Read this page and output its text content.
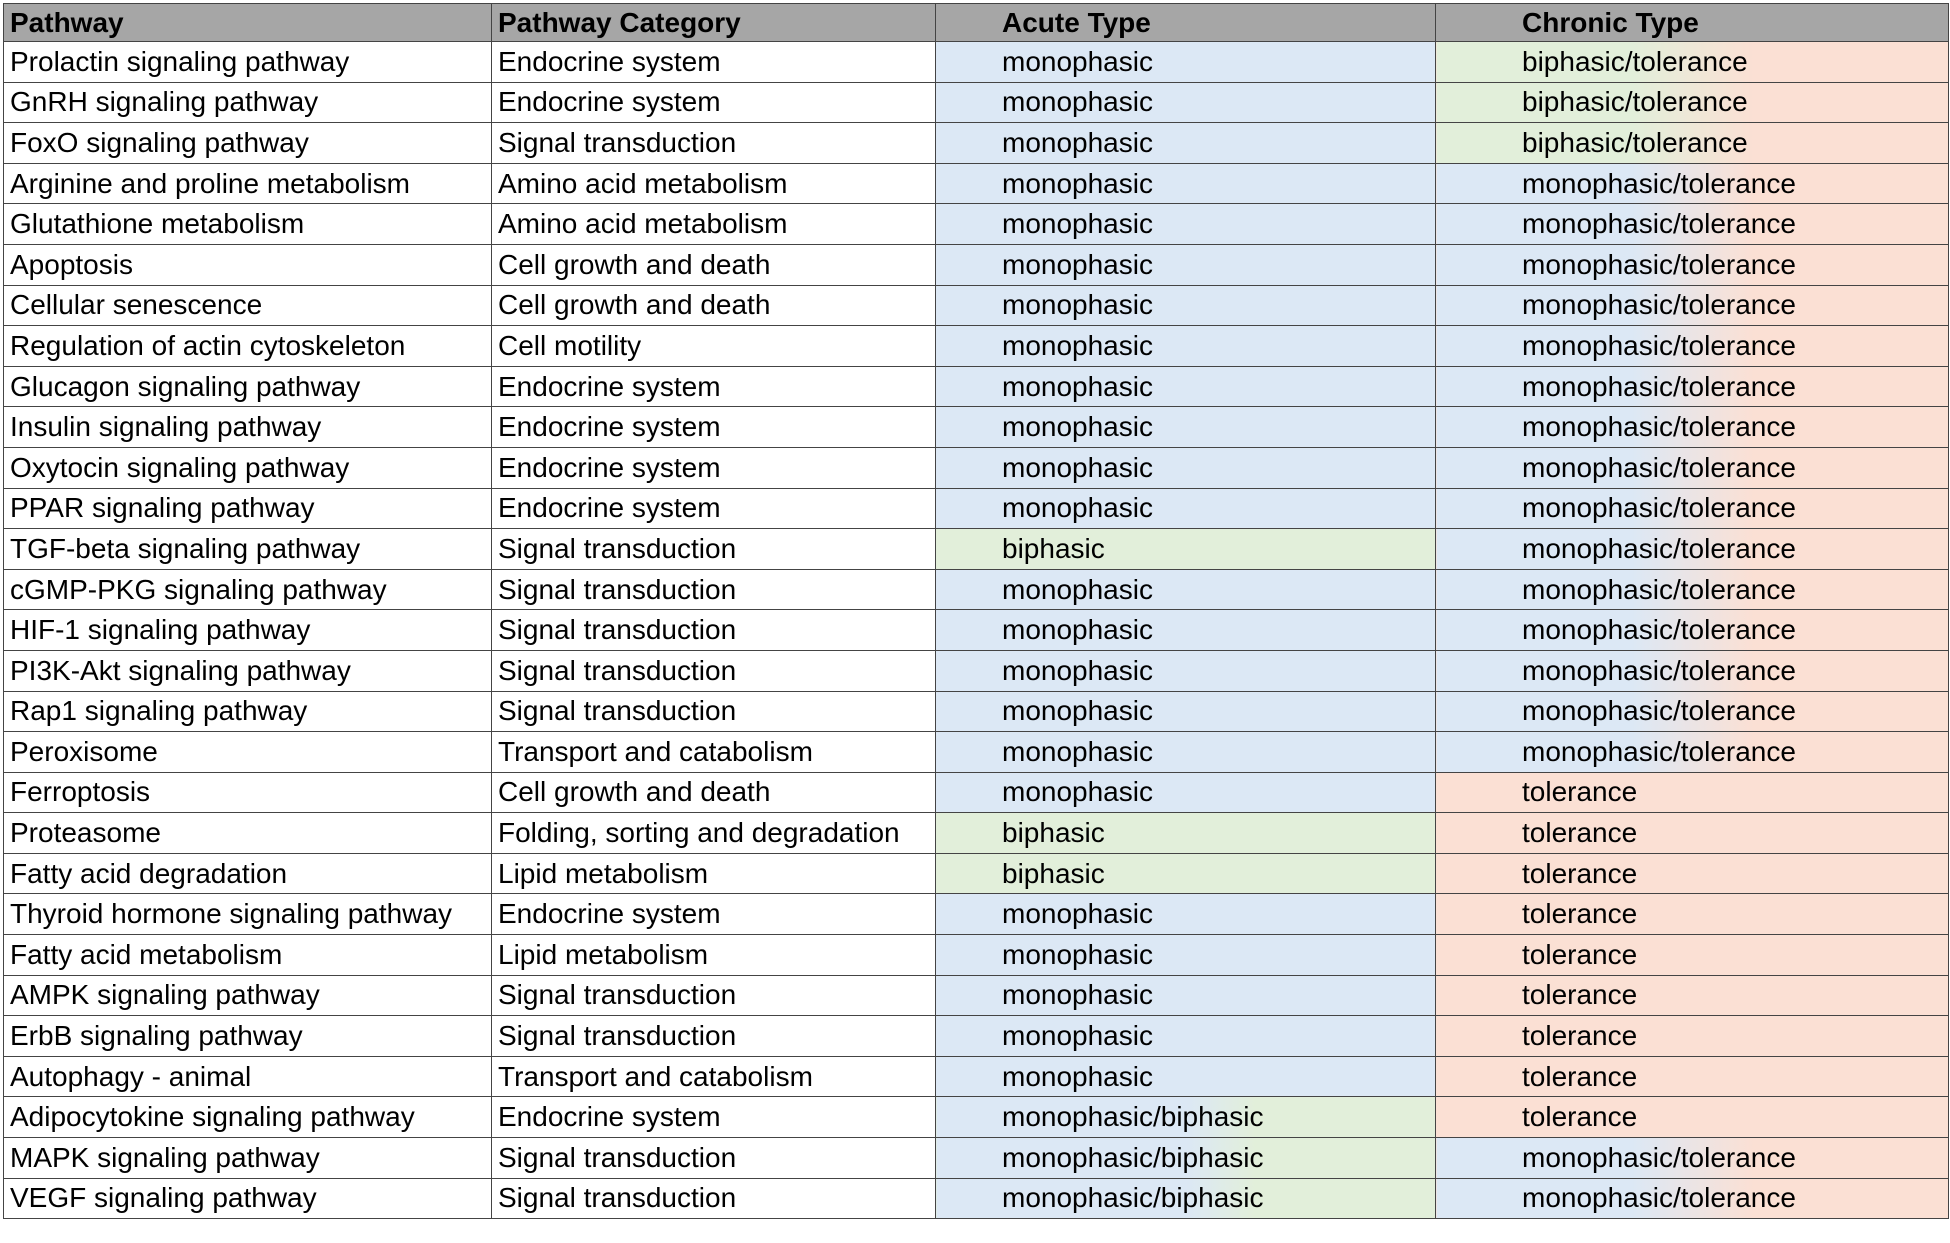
Pathway	Pathway Category	Acute Type	Chronic Type
Prolactin signaling pathway	Endocrine system	monophasic	biphasic/tolerance
GnRH signaling pathway	Endocrine system	monophasic	biphasic/tolerance
FoxO signaling pathway	Signal transduction	monophasic	biphasic/tolerance
Arginine and proline metabolism	Amino acid metabolism	monophasic	monophasic/tolerance
Glutathione metabolism	Amino acid metabolism	monophasic	monophasic/tolerance
Apoptosis	Cell growth and death	monophasic	monophasic/tolerance
Cellular senescence	Cell growth and death	monophasic	monophasic/tolerance
Regulation of actin cytoskeleton	Cell motility	monophasic	monophasic/tolerance
Glucagon signaling pathway	Endocrine system	monophasic	monophasic/tolerance
Insulin signaling pathway	Endocrine system	monophasic	monophasic/tolerance
Oxytocin signaling pathway	Endocrine system	monophasic	monophasic/tolerance
PPAR signaling pathway	Endocrine system	monophasic	monophasic/tolerance
TGF-beta signaling pathway	Signal transduction	biphasic	monophasic/tolerance
cGMP-PKG signaling pathway	Signal transduction	monophasic	monophasic/tolerance
HIF-1 signaling pathway	Signal transduction	monophasic	monophasic/tolerance
PI3K-Akt signaling pathway	Signal transduction	monophasic	monophasic/tolerance
Rap1 signaling pathway	Signal transduction	monophasic	monophasic/tolerance
Peroxisome	Transport and catabolism	monophasic	monophasic/tolerance
Ferroptosis	Cell growth and death	monophasic	tolerance
Proteasome	Folding, sorting and degradation	biphasic	tolerance
Fatty acid degradation	Lipid metabolism	biphasic	tolerance
Thyroid hormone signaling pathway	Endocrine system	monophasic	tolerance
Fatty acid metabolism	Lipid metabolism	monophasic	tolerance
AMPK signaling pathway	Signal transduction	monophasic	tolerance
ErbB signaling pathway	Signal transduction	monophasic	tolerance
Autophagy - animal	Transport and catabolism	monophasic	tolerance
Adipocytokine signaling pathway	Endocrine system	monophasic/biphasic	tolerance
MAPK signaling pathway	Signal transduction	monophasic/biphasic	monophasic/tolerance
VEGF signaling pathway	Signal transduction	monophasic/biphasic	monophasic/tolerance
